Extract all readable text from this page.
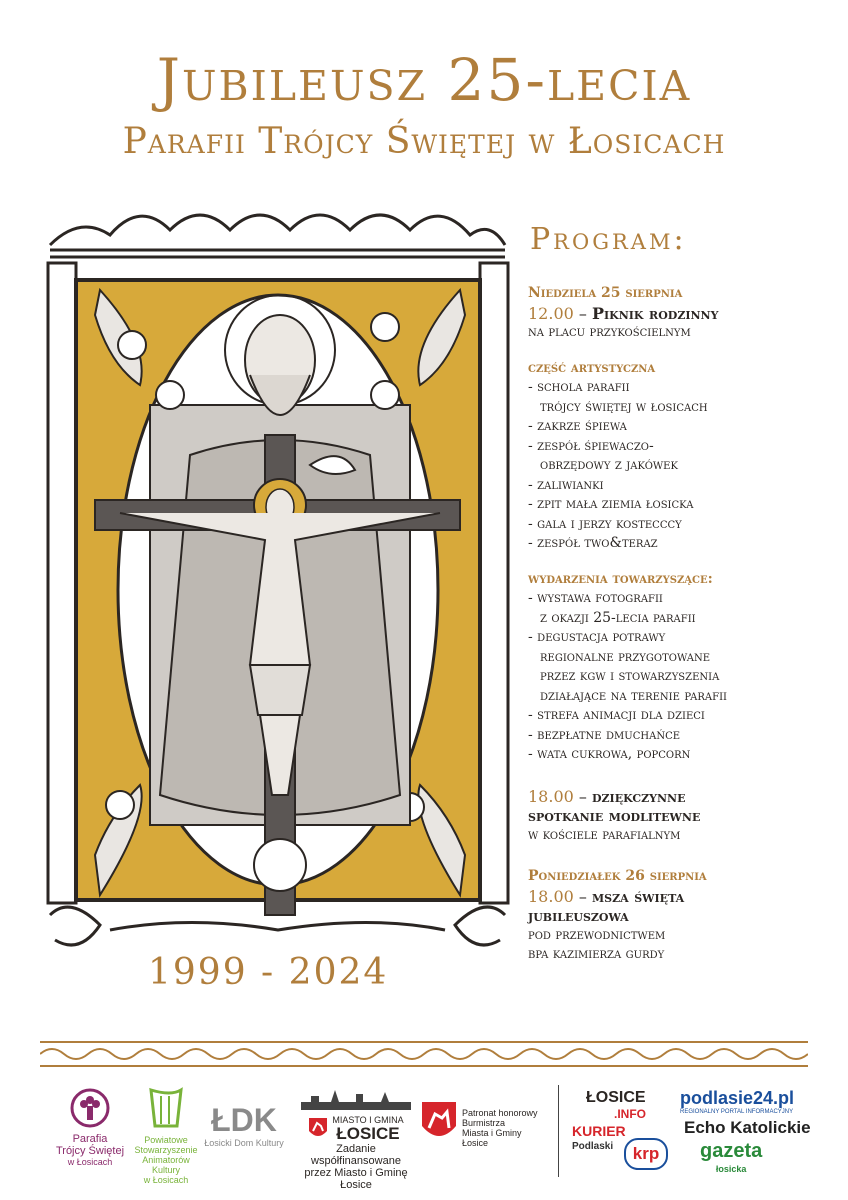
Jubileusz 25-lecia
Parafii Trójcy Świętej w Łosicach
Program:
Niedziela 25 sierpnia
12.00 – Piknik rodzinny
na placu przykościelnym
część artystyczna
- schola parafii
trójcy świętej w łosicach
- zakrze śpiewa
- zespół śpiewaczo-
obrzędowy z jakówek
- zaliwianki
- zpit mała ziemia łosicka
- gala i jerzy kostecccy
- zespół two&teraz
wydarzenia towarzyszące:
- wystawa fotografii
z okazji 25-lecia parafii
- degustacja potrawy
regionalne przygotowane
przez kgw i stowarzyszenia
działające na terenie parafii
- strefa animacji dla dzieci
- bezpłatne dmuchańce
- wata cukrowa, popcorn
18.00 – dziękczynne
spotkanie modlitewne
w kościele parafialnym
Poniedziałek 26 sierpnia
18.00 – msza święta
jubileuszowa
pod przewodnictwem
bpa kazimierza gurdy
1999 - 2024
Parafia
Trójcy Świętej
w Łosicach
Powiatowe Stowarzyszenie
Animatorów Kultury
w Łosicach
ŁDK
Łosicki Dom Kultury
MIASTO I GMINA
ŁOSICE
Zadanie współfinansowane
przez Miasto i Gminę Łosice
Patronat honorowy
Burmistrza
Miasta i Gminy Łosice
ŁOSICE
.INFO
podlasie24.pl
REGIONALNY PORTAL INFORMACYJNY
KURIER
Podlaski	krp
Echo Katolickie
gazeta
łosicka
